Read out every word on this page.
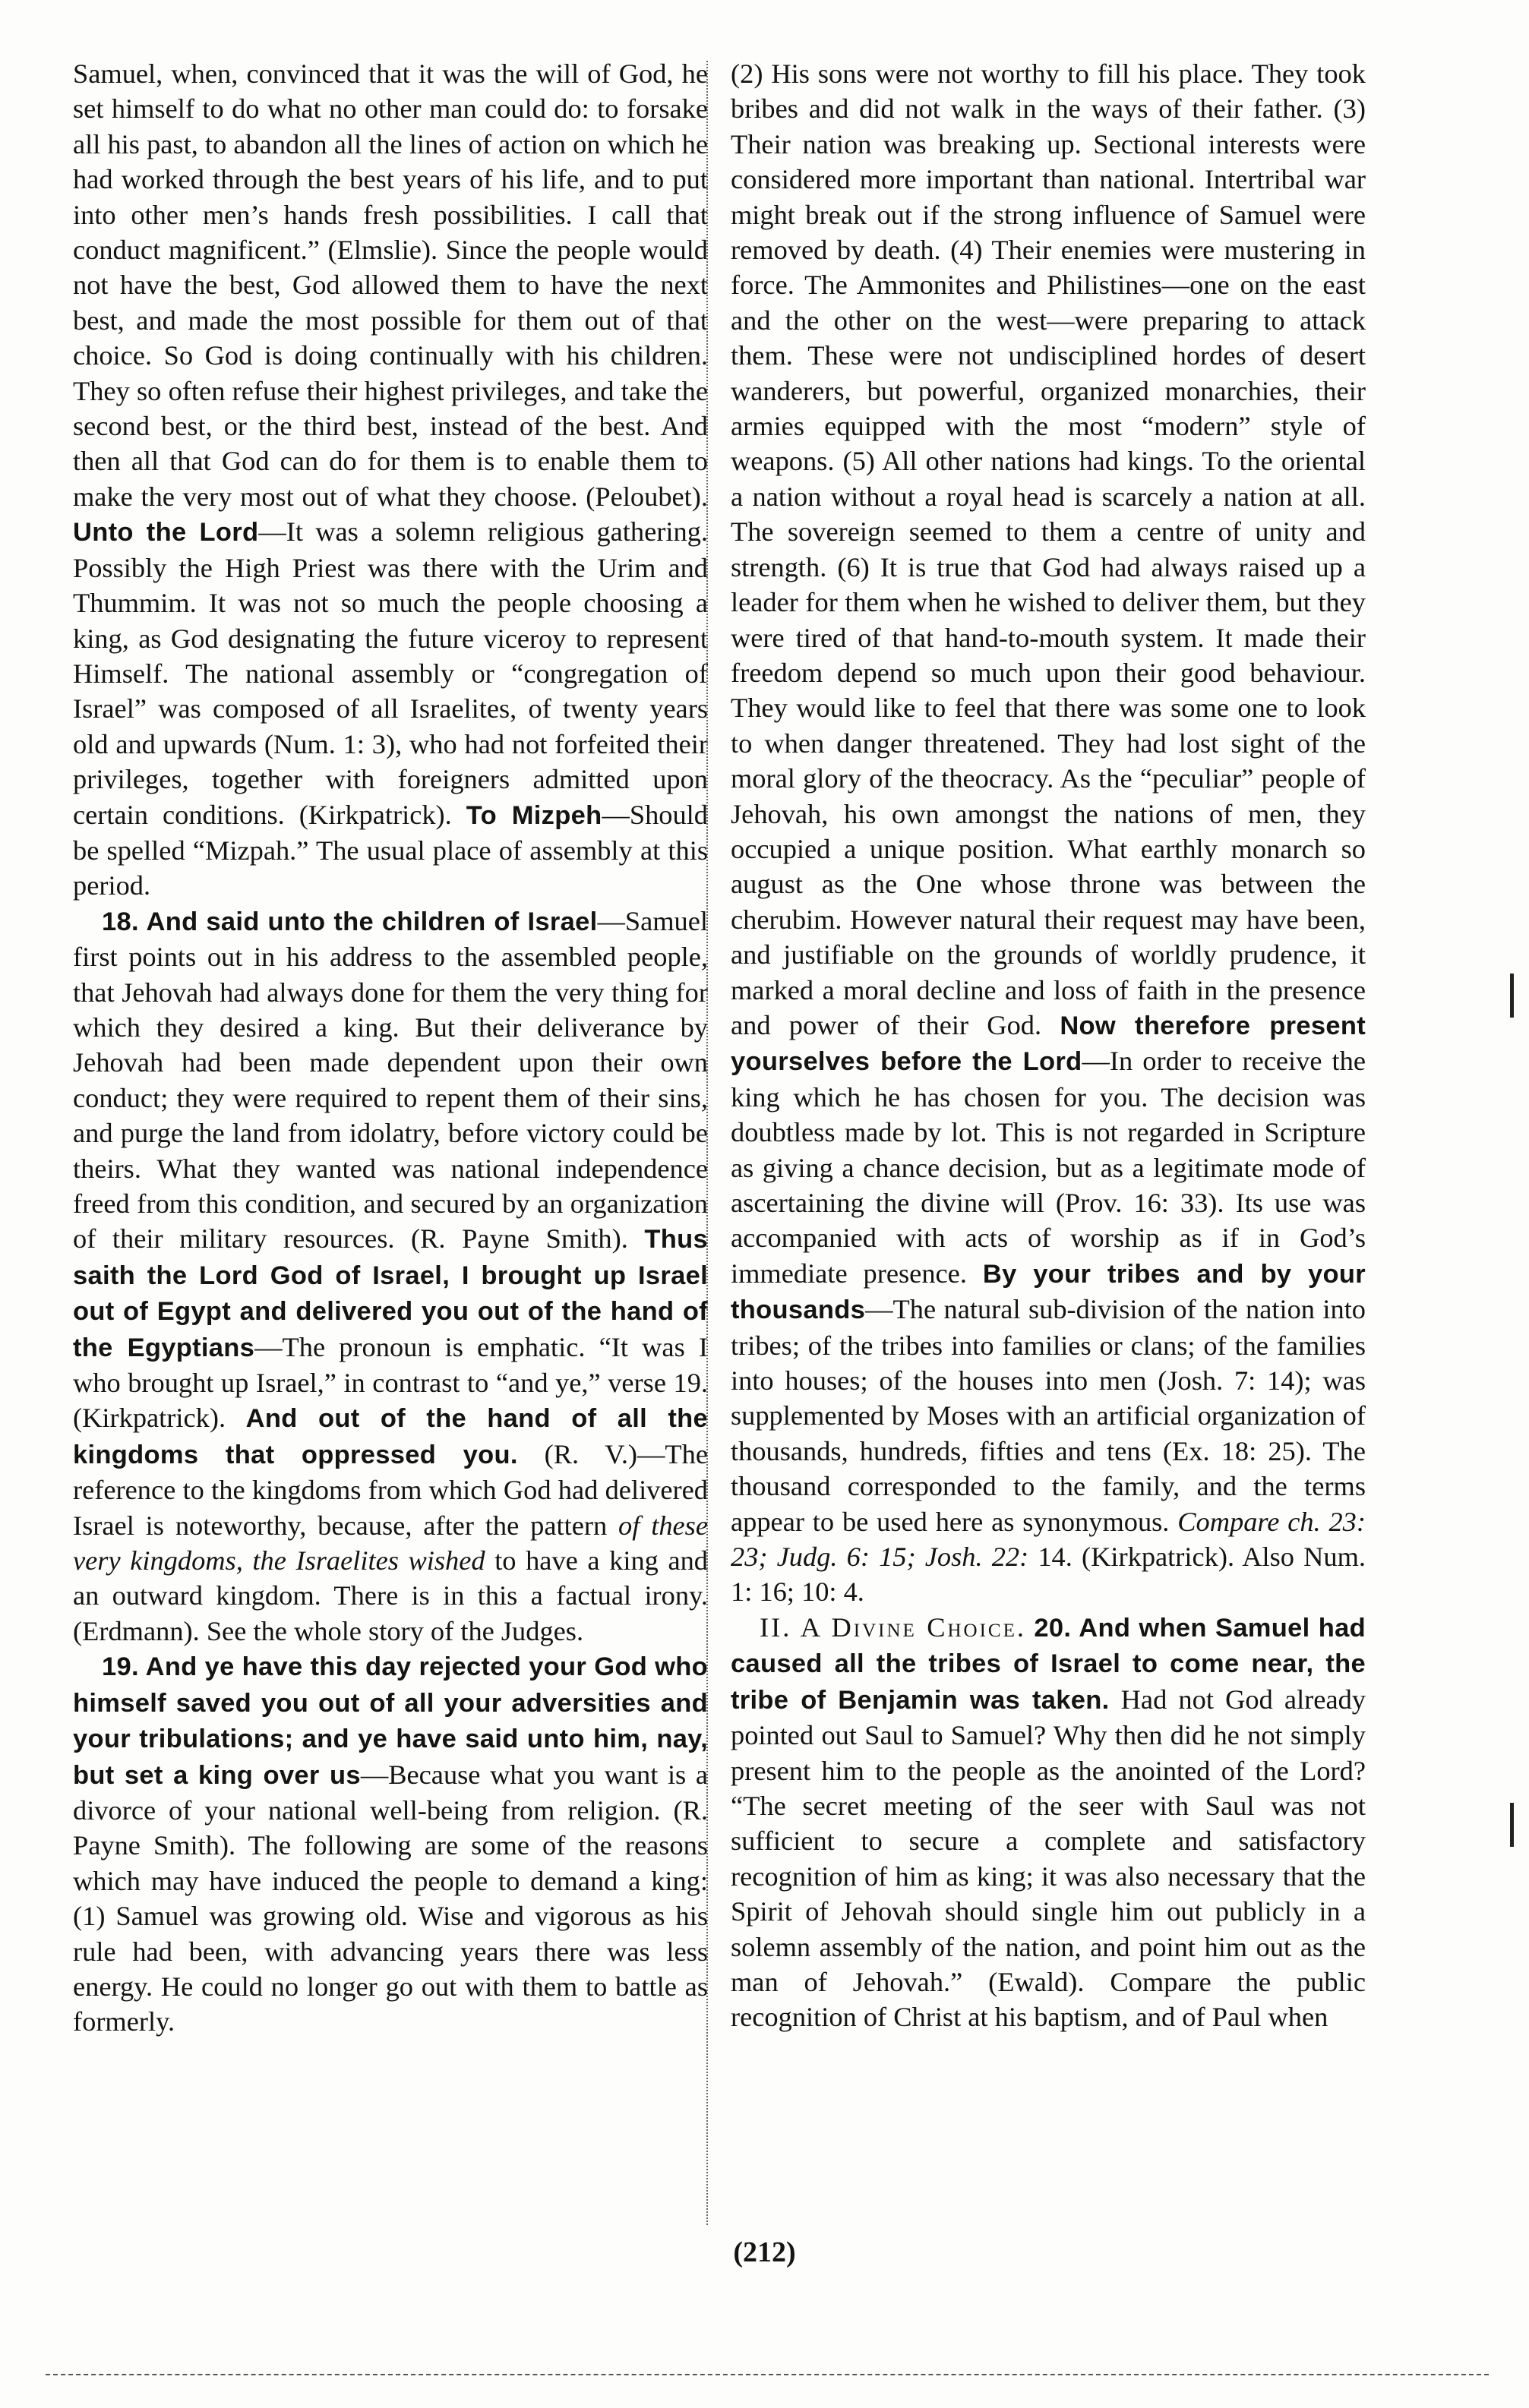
Samuel, when, convinced that it was the will of God, he set himself to do what no other man could do: to forsake all his past, to abandon all the lines of action on which he had worked through the best years of his life, and to put into other men’s hands fresh possibilities. I call that conduct magnificent.” (Elmslie). Since the people would not have the best, God allowed them to have the next best, and made the most possible for them out of that choice. So God is doing continually with his children. They so often refuse their highest privileges, and take the second best, or the third best, instead of the best. And then all that God can do for them is to enable them to make the very most out of what they choose. (Peloubet). Unto the Lord—It was a solemn religious gathering. Possibly the High Priest was there with the Urim and Thummim. It was not so much the people choosing a king, as God designating the future viceroy to represent Himself. The national assembly or “congregation of Israel” was composed of all Israelites, of twenty years old and upwards (Num. 1: 3), who had not forfeited their privileges, together with foreigners admitted upon certain conditions. (Kirkpatrick). To Mizpeh—Should be spelled “Mizpah.” The usual place of assembly at this period.

18. And said unto the children of Israel—Samuel first points out in his address to the assembled people, that Jehovah had always done for them the very thing for which they desired a king. But their deliverance by Jehovah had been made dependent upon their own conduct; they were required to repent them of their sins, and purge the land from idolatry, before victory could be theirs. What they wanted was national independence freed from this condition, and secured by an organization of their military resources. (R. Payne Smith). Thus saith the Lord God of Israel, I brought up Israel out of Egypt and delivered you out of the hand of the Egyptians—The pronoun is emphatic. “It was I who brought up Israel,” in contrast to “and ye,” verse 19. (Kirkpatrick). And out of the hand of all the kingdoms that oppressed you. (R. V.)—The reference to the kingdoms from which God had delivered Israel is noteworthy, because, after the pattern of these very kingdoms, the Israelites wished to have a king and an outward kingdom. There is in this a factual irony. (Erdmann). See the whole story of the Judges.

19. And ye have this day rejected your God who himself saved you out of all your adversities and your tribulations; and ye have said unto him, nay, but set a king over us—Because what you want is a divorce of your national well-being from religion. (R. Payne Smith). The following are some of the reasons which may have induced the people to demand a king: (1) Samuel was growing old. Wise and vigorous as his rule had been, with advancing years there was less energy. He could no longer go out with them to battle as formerly.

(2) His sons were not worthy to fill his place. They took bribes and did not walk in the ways of their father. (3) Their nation was breaking up. Sectional interests were considered more important than national. Intertribal war might break out if the strong influence of Samuel were removed by death. (4) Their enemies were mustering in force. The Ammonites and Philistines—one on the east and the other on the west—were preparing to attack them. These were not undisciplined hordes of desert wanderers, but powerful, organized monarchies, their armies equipped with the most “modern” style of weapons. (5) All other nations had kings. To the oriental a nation without a royal head is scarcely a nation at all. The sovereign seemed to them a centre of unity and strength. (6) It is true that God had always raised up a leader for them when he wished to deliver them, but they were tired of that hand-to-mouth system. It made their freedom depend so much upon their good behaviour. They would like to feel that there was some one to look to when danger threatened. They had lost sight of the moral glory of the theocracy. As the “peculiar” people of Jehovah, his own amongst the nations of men, they occupied a unique position. What earthly monarch so august as the One whose throne was between the cherubim. However natural their request may have been, and justifiable on the grounds of worldly prudence, it marked a moral decline and loss of faith in the presence and power of their God. Now therefore present yourselves before the Lord—In order to receive the king which he has chosen for you. The decision was doubtless made by lot. This is not regarded in Scripture as giving a chance decision, but as a legitimate mode of ascertaining the divine will (Prov. 16: 33). Its use was accompanied with acts of worship as if in God’s immediate presence. By your tribes and by your thousands—The natural sub-division of the nation into tribes; of the tribes into families or clans; of the families into houses; of the houses into men (Josh. 7: 14); was supplemented by Moses with an artificial organization of thousands, hundreds, fifties and tens (Ex. 18: 25). The thousand corresponded to the family, and the terms appear to be used here as synonymous. Compare ch. 23: 23; Judg. 6: 15; Josh. 22: 14. (Kirkpatrick). Also Num. 1: 16; 10: 4.

II. A Divine Choice. 20. And when Samuel had caused all the tribes of Israel to come near, the tribe of Benjamin was taken. Had not God already pointed out Saul to Samuel? Why then did he not simply present him to the people as the anointed of the Lord? “The secret meeting of the seer with Saul was not sufficient to secure a complete and satisfactory recognition of him as king; it was also necessary that the Spirit of Jehovah should single him out publicly in a solemn assembly of the nation, and point him out as the man of Jehovah.” (Ewald). Compare the public recognition of Christ at his baptism, and of Paul when

(212)
